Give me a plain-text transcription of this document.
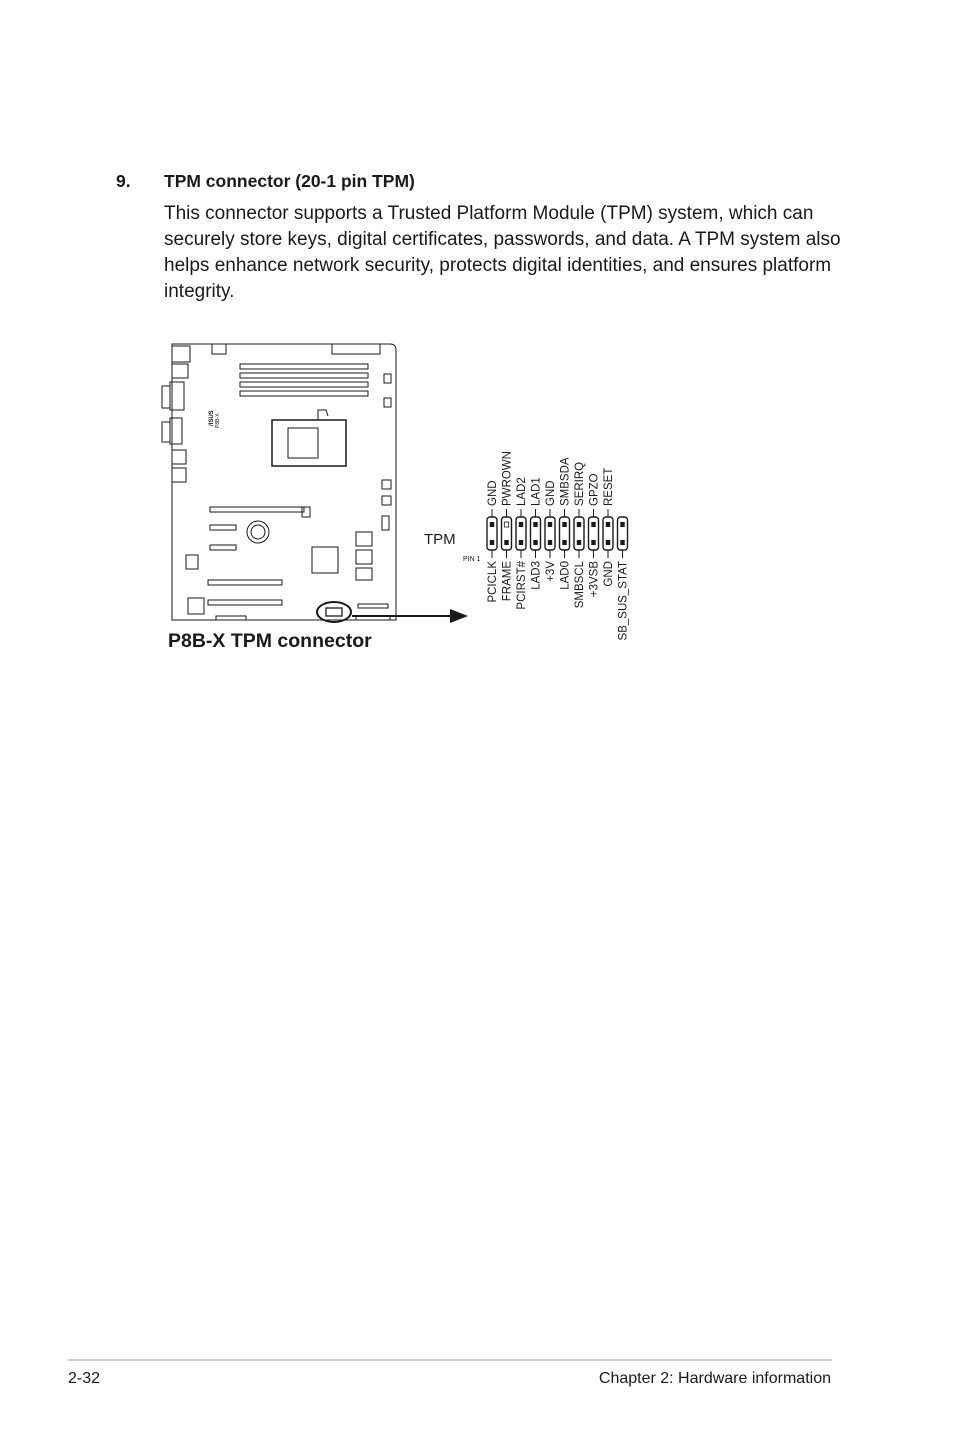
9. TPM connector (20-1 pin TPM)

This connector supports a Trusted Platform Module (TPM) system, which can securely store keys, digital certificates, passwords, and data. A TPM system also helps enhance network security, protects digital identities, and ensures platform integrity.

/ISUS P8B-X
TPM
PIN 1
GND PWROWN LAD2 LAD1 GND SMBSDA SERIRQ GPZO RESET
PCICLK FRAME PCIRST# LAD3 +3V LAD0 SMBSCL +3VSB GND SB_SUS_STAT
P8B-X TPM connector
2-32	Chapter 2: Hardware information
